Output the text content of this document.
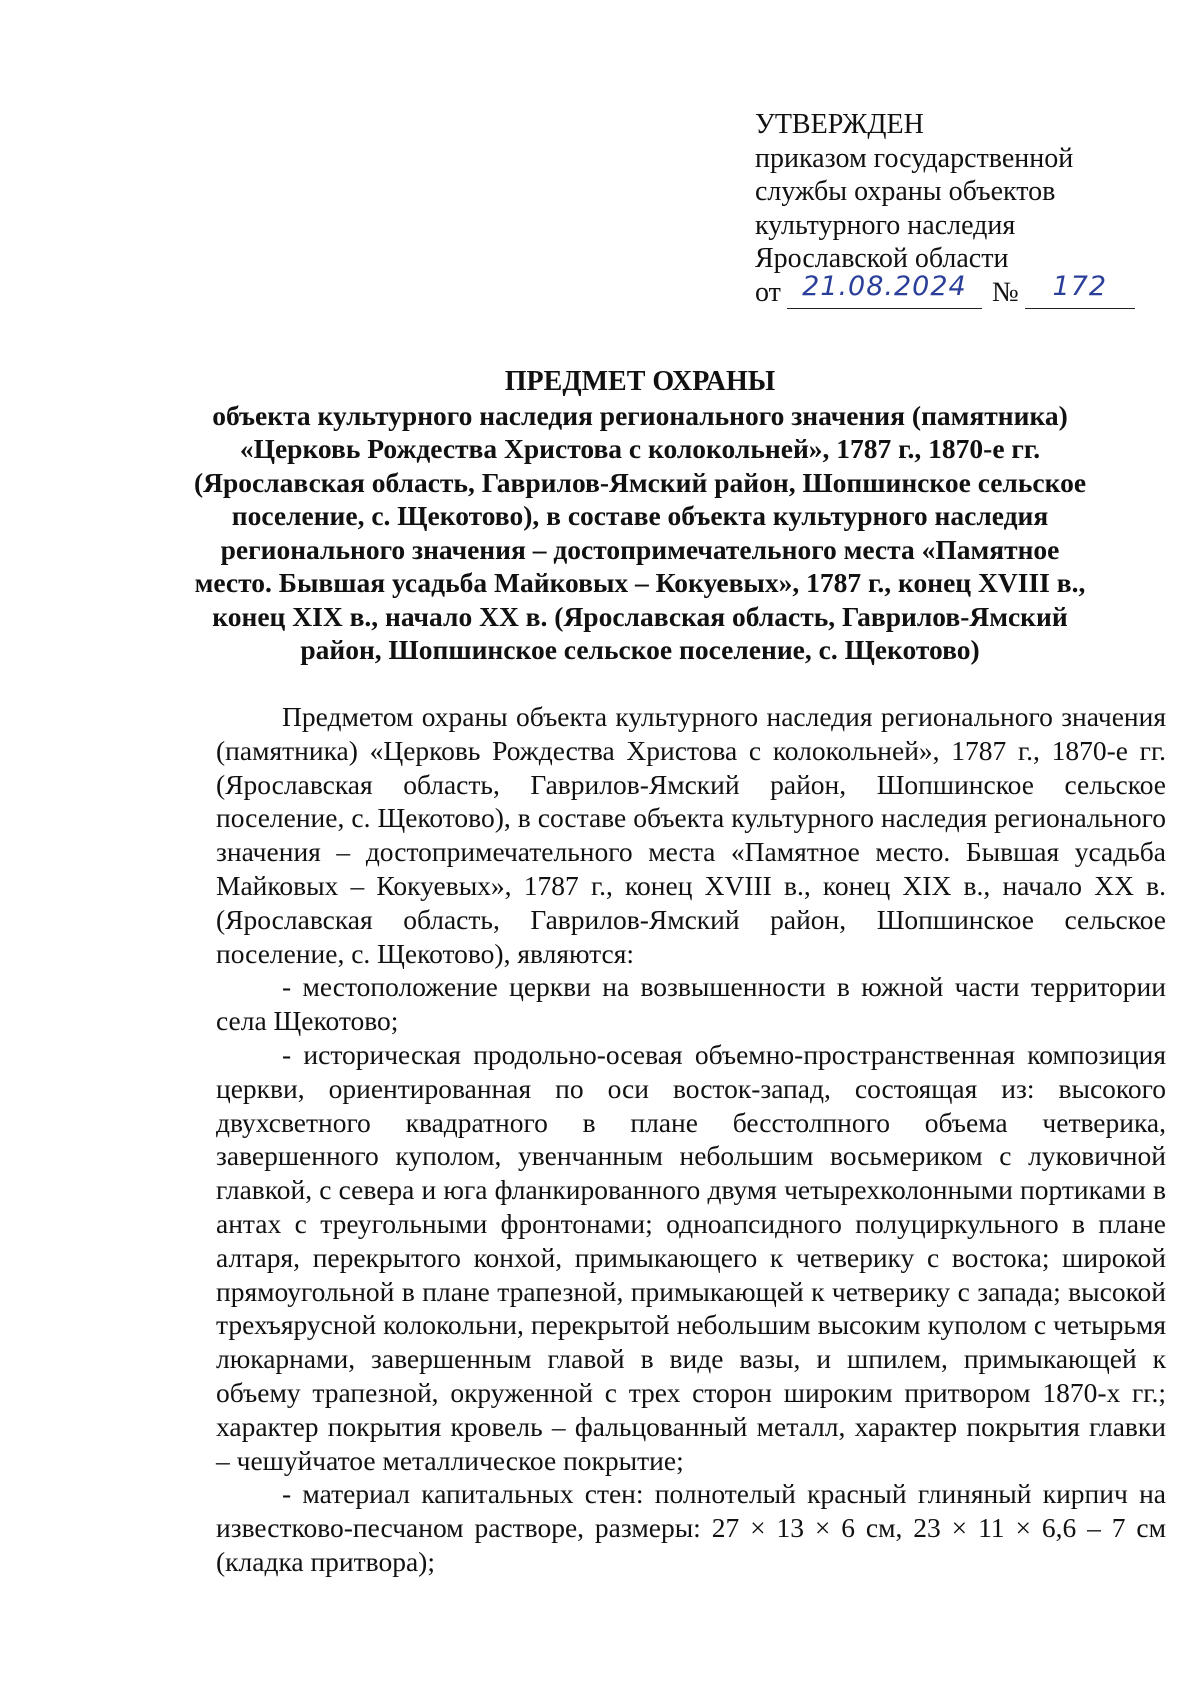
УТВЕРЖДЕН
приказом государственной
службы охраны объектов
культурного наследия
Ярославской области
от 21.08.2024 №	172
ПРЕДМЕТ ОХРАНЫ
объекта культурного наследия регионального значения (памятника)
«Церковь Рождества Христова с колокольней», 1787 г., 1870-е гг.
(Ярославская область, Гаврилов-Ямский район, Шопшинское сельское
поселение, с. Щекотово), в составе объекта культурного наследия
регионального значения – достопримечательного места «Памятное
место. Бывшая усадьба Майковых – Кокуевых», 1787 г., конец XVIII в.,
конец XIX в., начало XX в. (Ярославская область, Гаврилов-Ямский
район, Шопшинское сельское поселение, с. Щекотово)

Предметом охраны объекта культурного наследия регионального значения (памятника) «Церковь Рождества Христова с колокольней», 1787 г., 1870-е гг. (Ярославская область, Гаврилов-Ямский район, Шопшинское сельское поселение, с. Щекотово), в составе объекта культурного наследия регионального значения – достопримечательного места «Памятное место. Бывшая усадьба Майковых – Кокуевых», 1787 г., конец XVIII в., конец XIX в., начало XX в. (Ярославская область, Гаврилов-Ямский район, Шопшинское сельское поселение, с. Щекотово), являются:

- местоположение церкви на возвышенности в южной части территории села Щекотово;

- историческая продольно-осевая объемно-пространственная композиция церкви, ориентированная по оси восток-запад, состоящая из: высокого двухсветного квадратного в плане бесстолпного объема четверика, завершенного куполом, увенчанным небольшим восьмериком с луковичной главкой, с севера и юга фланкированного двумя четырехколонными портиками в антах с треугольными фронтонами; одноапсидного полуциркульного в плане алтаря, перекрытого конхой, примыкающего к четверику с востока; широкой прямоугольной в плане трапезной, примыкающей к четверику с запада; высокой трехъярусной колокольни, перекрытой небольшим высоким куполом с четырьмя люкарнами, завершенным главой в виде вазы, и шпилем, примыкающей к объему трапезной, окруженной с трех сторон широким притвором 1870-х гг.; характер покрытия кровель – фальцованный металл, характер покрытия главки – чешуйчатое металлическое покрытие;

- материал капитальных стен: полнотелый красный глиняный кирпич на известково-песчаном растворе, размеры: 27 × 13 × 6 см, 23 × 11 × 6,6 – 7 см (кладка притвора);
